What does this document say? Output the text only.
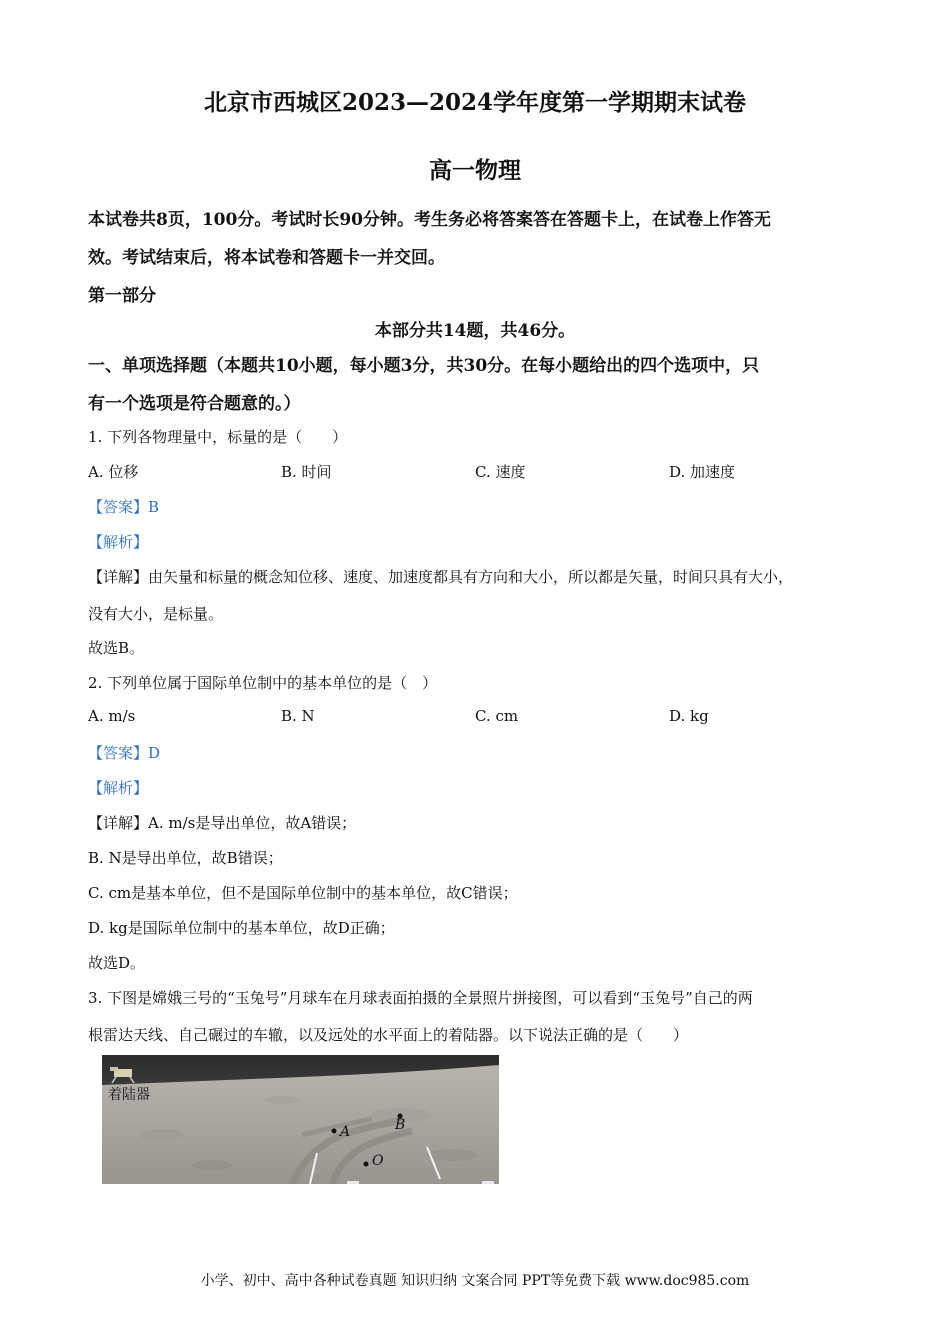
北京市西城区2023—2024学年度第一学期期末试卷
高一物理
本试卷共8页，100分。考试时长90分钟。考生务必将答案答在答题卡上，在试卷上作答无
效。考试结束后，将本试卷和答题卡一并交回。
第一部分
本部分共14题，共46分。
一、单项选择题（本题共10小题，每小题3分，共30分。在每小题给出的四个选项中，只
有一个选项是符合题意的。）
1. 下列各物理量中，标量的是（　　）
A. 位移	B. 时间	C. 速度	D. 加速度
【答案】B
【解析】
【详解】由矢量和标量的概念知位移、速度、加速度都具有方向和大小，所以都是矢量，时间只具有大小，
没有大小，是标量。
故选B。
2. 下列单位属于国际单位制中的基本单位的是（　）
A. m/s	B. N	C. cm	D. kg
【答案】D
【解析】
【详解】A. m/s是导出单位，故A错误；
B. N是导出单位，故B错误；
C. cm是基本单位，但不是国际单位制中的基本单位，故C错误；
D. kg是国际单位制中的基本单位，故D正确；
故选D。
3. 下图是嫦娥三号的“玉兔号”月球车在月球表面拍摄的全景照片拼接图，可以看到“玉兔号”自己的两
根雷达天线、自己碾过的车辙，以及远处的水平面上的着陆器。以下说法正确的是（　　）
着陆器
A	B
O
小学、初中、高中各种试卷真题 知识归纳 文案合同 PPT等免费下载 www.doc985.com
